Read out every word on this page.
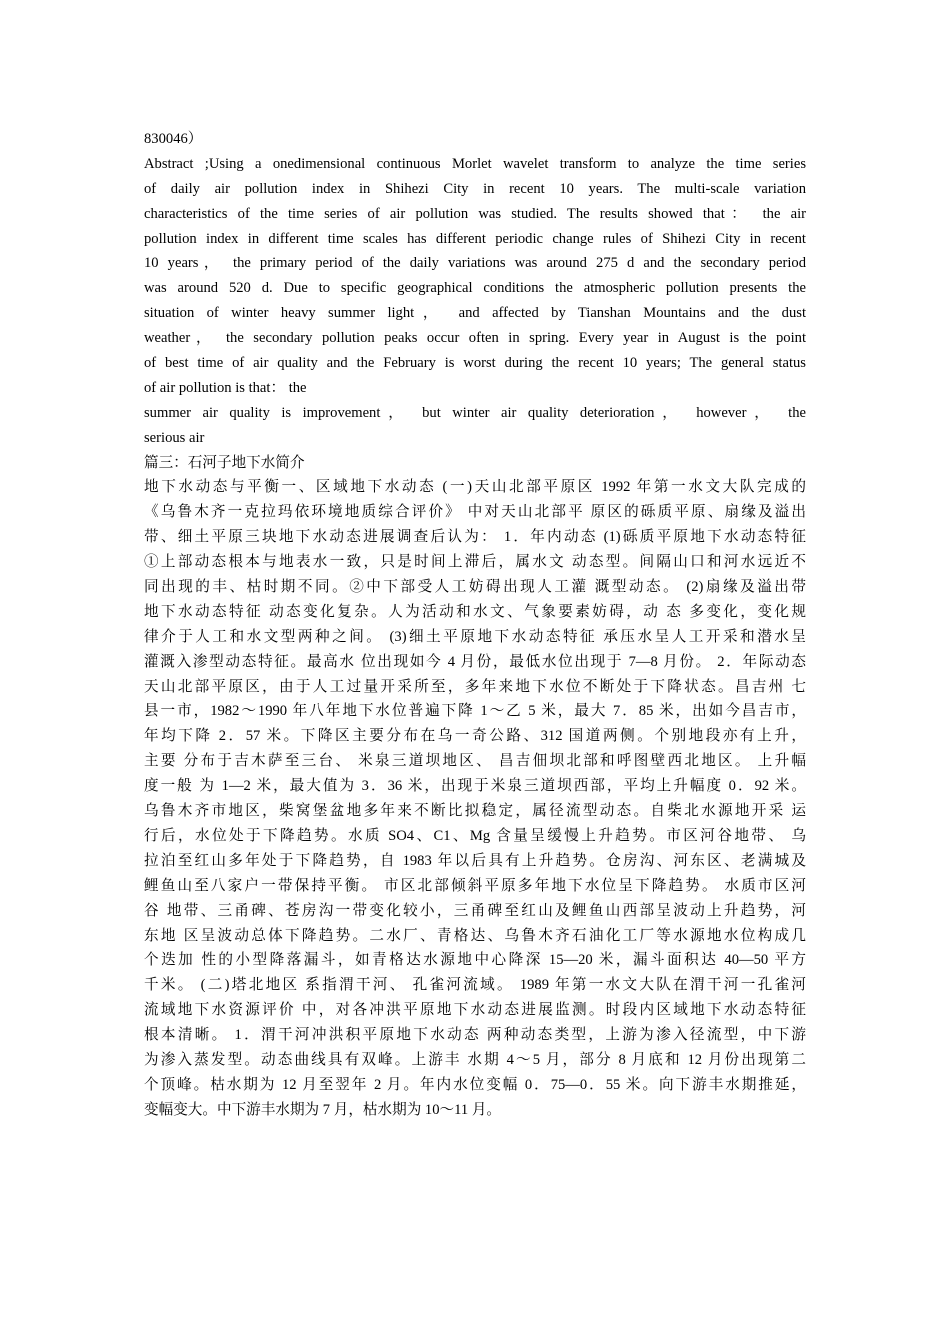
830046）
Abstract ;Using a onedimensional continuous Morlet wavelet transform to analyze the time series
of daily air pollution index in Shihezi City in recent 10 years. The multi-scale variation
characteristics of the time series of air pollution was studied. The results showed that： the air
pollution index in different time scales has different periodic change rules of Shihezi City in recent
10 years， the primary period of the daily variations was around 275 d and the secondary period
was around 520 d. Due to specific geographical conditions the atmospheric pollution presents the
situation of winter heavy summer light， and affected by Tianshan Mountains and the dust
weather， the secondary pollution peaks occur often in spring. Every year in August is the point
of best time of air quality and the February is worst during the recent 10 years; The general status
of air pollution is that： the
summer air quality is improvement， but winter air quality deterioration， however， the
serious air
篇三：石河子地下水简介
地下水动态与平衡一、区域地下水动态 (一)天山北部平原区 1992 年第一水文大队完成的
《乌鲁木齐一克拉玛依环境地质综合评价》 中对天山北部平 原区的砾质平原、扇缘及溢出
带、细土平原三块地下水动态进展调查后认为： 1．年内动态 (1)砾质平原地下水动态特征
①上部动态根本与地表水一致，只是时间上滞后，属水文 动态型。间隔山口和河水远近不
同出现的丰、枯时期不同。②中下部受人工妨碍出现人工灌 溉型动态。 (2)扇缘及溢出带
地下水动态特征 动态变化复杂。人为活动和水文、气象要素妨碍，动 态 多变化，变化规
律介于人工和水文型两种之间。 (3)细土平原地下水动态特征 承压水呈人工开采和潜水呈
灌溉入渗型动态特征。最高水 位出现如今 4 月份，最低水位出现于 7—8 月份。 2．年际动态
天山北部平原区，由于人工过量开采所至，多年来地下水位不断处于下降状态。昌吉州 七
县一市，1982～1990 年八年地下水位普遍下降 1～乙 5 米，最大 7．85 米，出如今昌吉市，
年均下降 2．57 米。下降区主要分布在乌一奇公路、312 国道两侧。个别地段亦有上升，
主要 分布于吉木萨至三台、 米泉三道坝地区、 昌吉佃坝北部和呼图壁西北地区。 上升幅
度一般 为 1—2 米，最大值为 3．36 米，出现于米泉三道坝西部，平均上升幅度 0．92 米。
乌鲁木齐市地区，柴窝堡盆地多年来不断比拟稳定，属径流型动态。自柴北水源地开采 运
行后，水位处于下降趋势。水质 SO4、C1、Mg 含量呈缓慢上升趋势。市区河谷地带、 乌
拉泊至红山多年处于下降趋势，自 1983 年以后具有上升趋势。仓房沟、河东区、老满城及
鲤鱼山至八家户一带保持平衡。 市区北部倾斜平原多年地下水位呈下降趋势。 水质市区河
谷 地带、三甬碑、苍房沟一带变化较小，三甬碑至红山及鲤鱼山西部呈波动上升趋势，河
东地 区呈波动总体下降趋势。二水厂、青格达、乌鲁木齐石油化工厂等水源地水位构成几
个迭加 性的小型降落漏斗，如青格达水源地中心降深 15—20 米，漏斗面积达 40—50 平方
千米。 (二)塔北地区 系指渭干河、 孔雀河流域。 1989 年第一水文大队在渭干河一孔雀河
流域地下水资源评价 中，对各冲洪平原地下水动态进展监测。时段内区域地下水动态特征
根本清晰。 1．渭干河冲洪积平原地下水动态 两种动态类型，上游为渗入径流型，中下游
为渗入蒸发型。动态曲线具有双峰。上游丰 水期 4～5 月，部分 8 月底和 12 月份出现第二
个顶峰。枯水期为 12 月至翌年 2 月。年内水位变幅 0．75—0．55 米。向下游丰水期推延，
变幅变大。中下游丰水期为 7 月，枯水期为 10～11 月。
